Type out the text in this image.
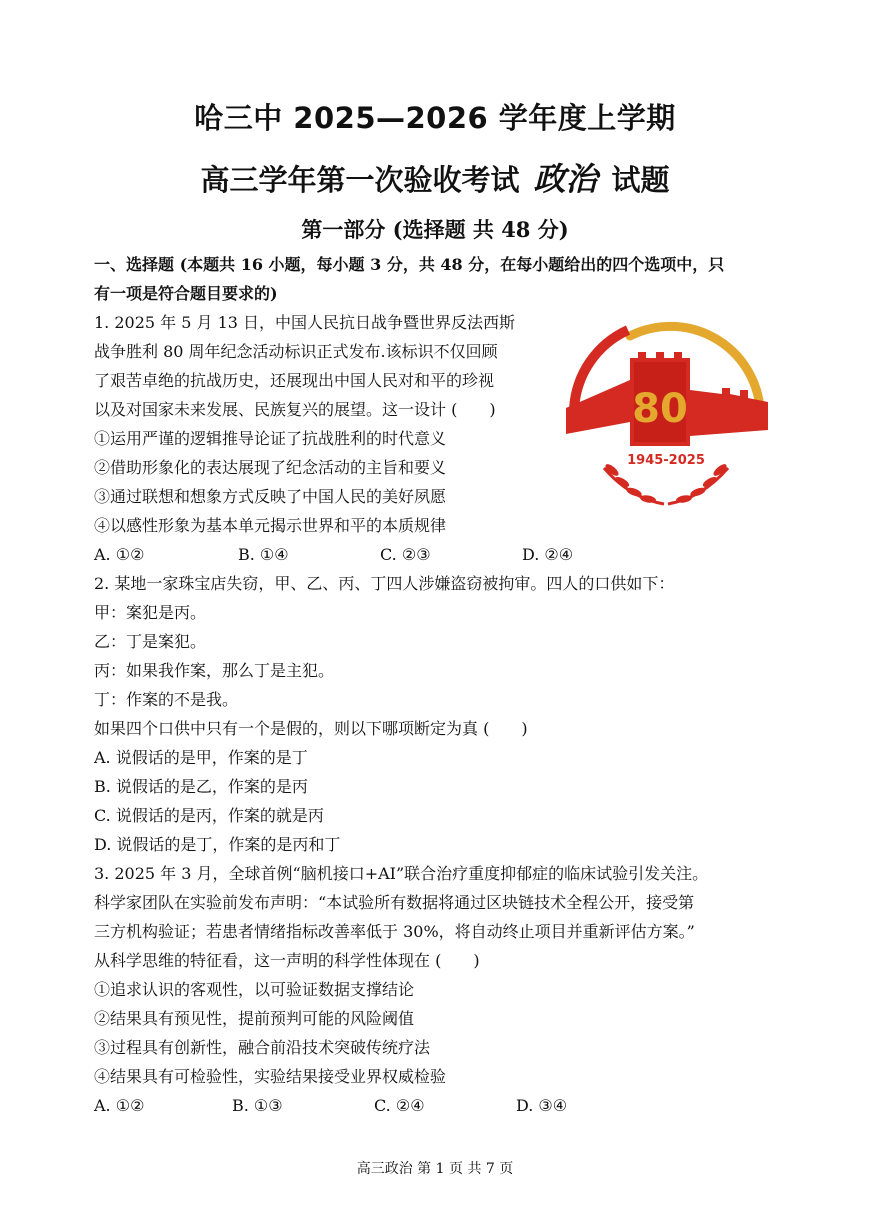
哈三中 2025—2026 学年度上学期
高三学年第一次验收考试 政治 试题
第一部分 (选择题 共 48 分)
一、选择题 (本题共 16 小题，每小题 3 分，共 48 分，在每小题给出的四个选项中，只
有一项是符合题目要求的)
1. 2025 年 5 月 13 日，中国人民抗日战争暨世界反法西斯
战争胜利 80 周年纪念活动标识正式发布.该标识不仅回顾
了艰苦卓绝的抗战历史，还展现出中国人民对和平的珍视
以及对国家未来发展、民族复兴的展望。这一设计 (　　)
①运用严谨的逻辑推导论证了抗战胜利的时代意义
②借助形象化的表达展现了纪念活动的主旨和要义
③通过联想和想象方式反映了中国人民的美好夙愿
④以感性形象为基本单元揭示世界和平的本质规律
A. ①②	B. ①④	C. ②③	D. ②④
80
1945-2025
2. 某地一家珠宝店失窃，甲、乙、丙、丁四人涉嫌盗窃被拘审。四人的口供如下：
甲：案犯是丙。
乙：丁是案犯。
丙：如果我作案，那么丁是主犯。
丁：作案的不是我。
如果四个口供中只有一个是假的，则以下哪项断定为真 (　　)
A. 说假话的是甲，作案的是丁
B. 说假话的是乙，作案的是丙
C. 说假话的是丙，作案的就是丙
D. 说假话的是丁，作案的是丙和丁
3. 2025 年 3 月，全球首例“脑机接口+AI”联合治疗重度抑郁症的临床试验引发关注。
科学家团队在实验前发布声明：“本试验所有数据将通过区块链技术全程公开，接受第
三方机构验证；若患者情绪指标改善率低于 30%，将自动终止项目并重新评估方案。”
从科学思维的特征看，这一声明的科学性体现在 (　　)
①追求认识的客观性，以可验证数据支撑结论
②结果具有预见性，提前预判可能的风险阈值
③过程具有创新性，融合前沿技术突破传统疗法
④结果具有可检验性，实验结果接受业界权威检验
A. ①②	B. ①③	C. ②④	D. ③④
高三政治 第 1 页 共 7 页
